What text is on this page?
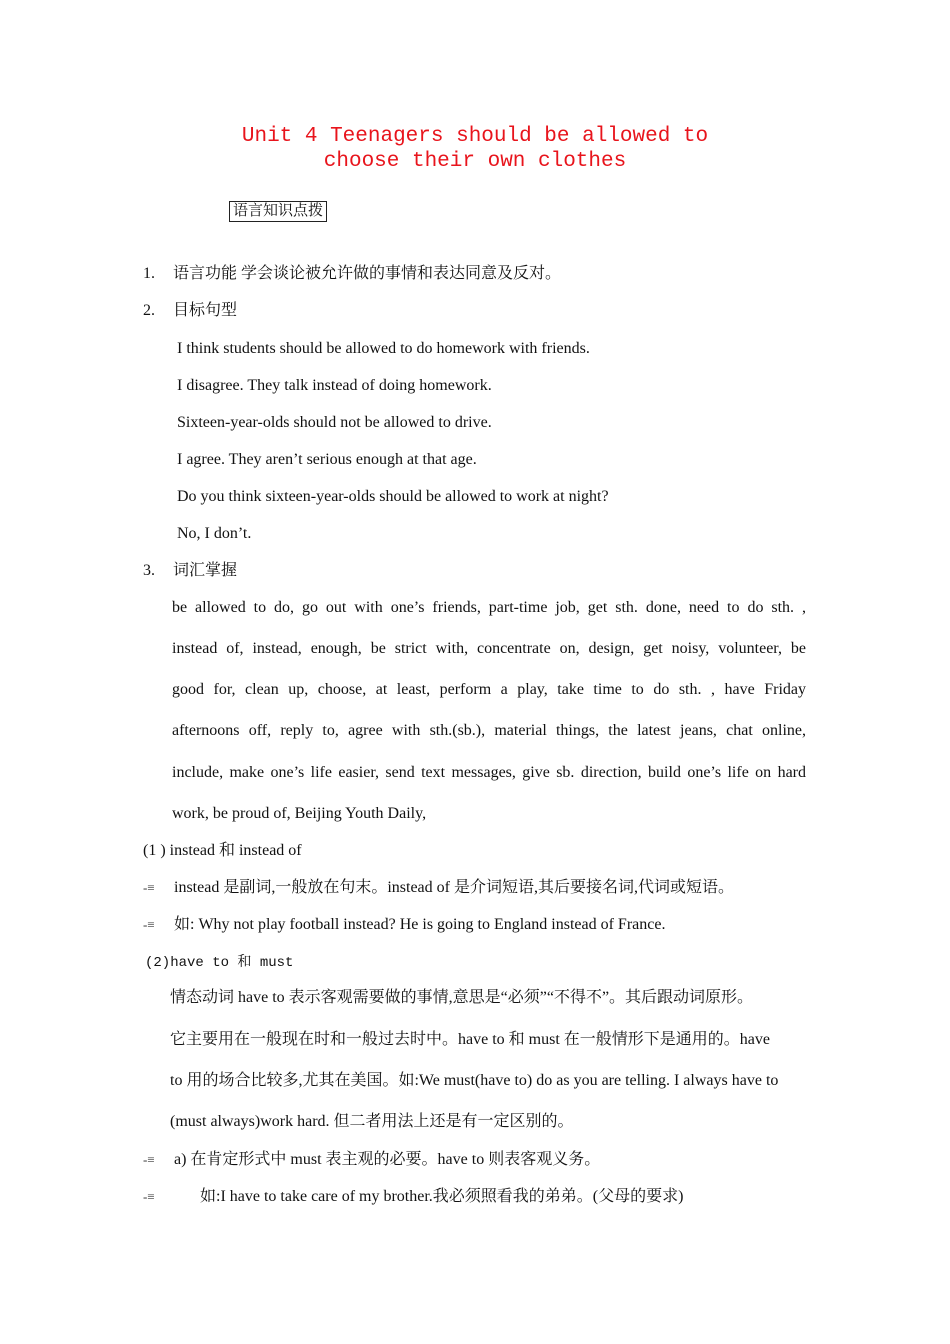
Unit 4 Teenagers should be allowed to
choose their own clothes
语言知识点拨
1. 语言功能 学会谈论被允许做的事情和表达同意及反对。
2. 目标句型
I think students should be allowed to do homework with friends.
I disagree. They talk instead of doing homework.
Sixteen-year-olds should not be allowed to drive.
I agree. They aren’t serious enough at that age.
Do you think sixteen-year-olds should be allowed to work at night?
No, I don’t.
3. 词汇掌握
be allowed to do, go out with one’s friends, part-time job, get sth. done, need to do sth. ,
instead of, instead, enough, be strict with, concentrate on, design, get noisy, volunteer, be
good for, clean up, choose, at least, perform a play, take time to do sth. , have Friday
afternoons off, reply to, agree with sth.(sb.), material things, the latest jeans, chat online,
include, make one’s life easier, send text messages, give sb. direction, build one’s life on hard
work, be proud of, Beijing Youth Daily,
(1 ) instead 和 instead of
-≡ instead 是副词,一般放在句末。instead of 是介词短语,其后要接名词,代词或短语。
-≡ 如: Why not play football instead? He is going to England instead of France.
(2)have to 和 must
情态动词 have to 表示客观需要做的事情,意思是“必须”“不得不”。其后跟动词原形。
它主要用在一般现在时和一般过去时中。have to 和 must 在一般情形下是通用的。have
to 用的场合比较多,尤其在美国。如:We must(have to) do as you are telling. I always have to
(must always)work hard. 但二者用法上还是有一定区别的。
-≡ a) 在肯定形式中 must 表主观的必要。have to 则表客观义务。
-≡	如:I have to take care of my brother.我必须照看我的弟弟。(父母的要求)
